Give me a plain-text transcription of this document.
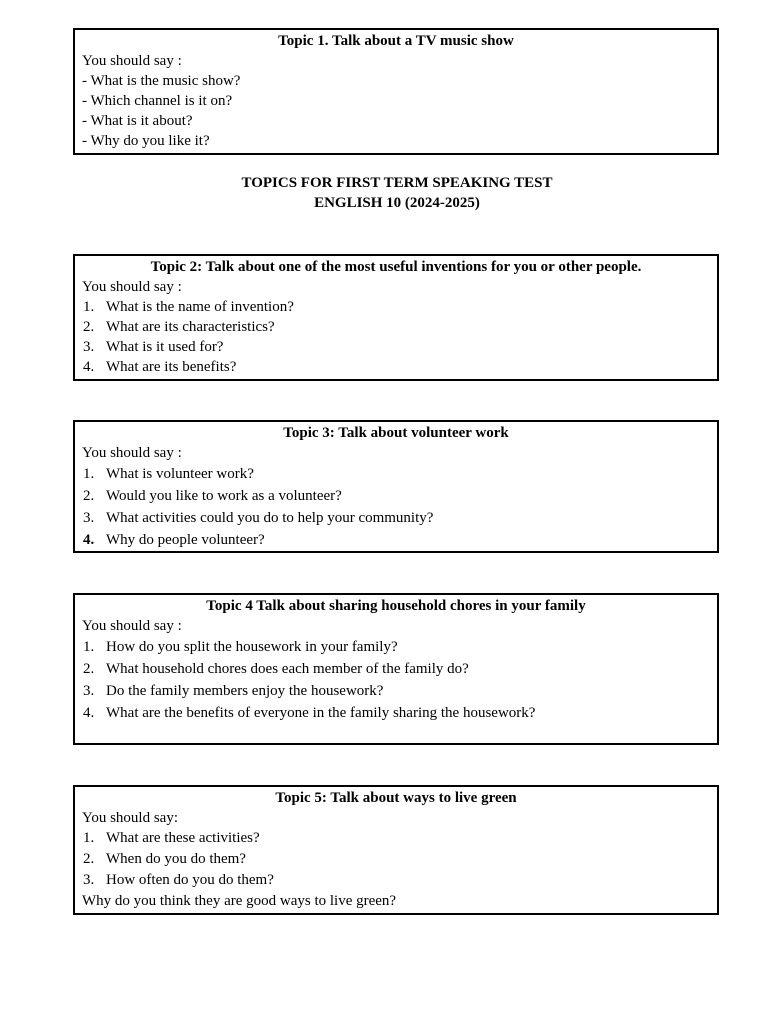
Topic 1. Talk about a TV music show
You should say :
- What is the music show?
- Which channel is it on?
- What is it about?
- Why do you like it?
TOPICS FOR FIRST TERM SPEAKING TEST
ENGLISH 10 (2024-2025)
Topic 2: Talk about one of the most useful inventions for you or other people.
You should say :
1. What is the name of invention?
2. What are its characteristics?
3. What is it used for?
4. What are its benefits?
Topic 3: Talk about volunteer work
You should say :
1. What is volunteer work?
2. Would you like to work as a volunteer?
3. What activities could you do to help your community?
4. Why do people volunteer?
Topic 4 Talk about sharing household chores in your family
You should say :
1. How do you split the housework in your family?
2. What household chores does each member of the family do?
3. Do the family members enjoy the housework?
4. What are the benefits of everyone in the family sharing the housework?
Topic 5: Talk about ways to live green
You should say:
1. What are these activities?
2. When do you do them?
3. How often do you do them?
Why do you think they are good ways to live green?
